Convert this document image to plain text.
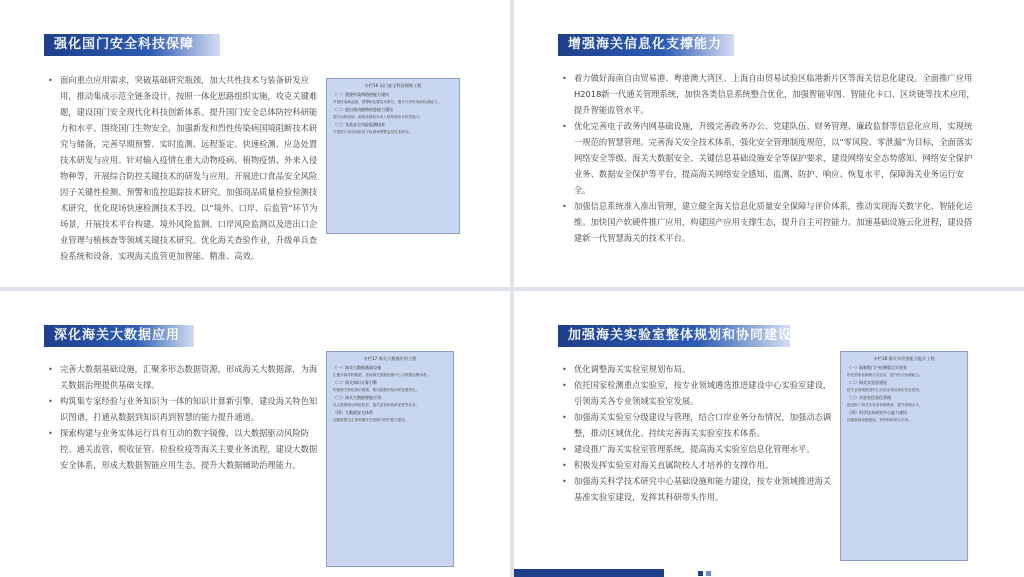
强化国门安全科技保障
• 面向重点应用需求，突破基础研究瓶颈，加大共性技术与装备研发应用，推动集成示范全链条设计，按照一体化思路组织实施，攻克关键难题，建设国门安全现代化科技创新体系。提升国门安全总体防控科研能力和水平。围绕国门生物安全，加强新发和烈性传染病国境阻断技术研究与储备，完善早期预警、实时监测、远程鉴定、快速检测、应急处置技术研发与应用。针对输入疫情在重大动物疫病、植物疫情、外来入侵物种等，开展综合防控关键技术的研发与应用。开展进口食品安全风险因子关键性检测、预警和监控追踪技术研究。加强商品质量检验检测技术研究，优化现场快速检测技术手段。以“境外、口岸、后监管”环节为场景，开展技术平台构建、境外风险监测、口岸风险监测以及进出口企业管理与植核查等领域关键技术研究。优化海关查验作业，升级单兵查验系统和设备，实现海关监管更加智能、精准、高效。
专栏16 国门安全科技保障工程
（一）重要传染病防控能力建设
开展传染病监测、预警和处置技术研究，提升口岸传染病检测能力。
（二）进出境动植物检疫能力建设
提升动物疫病、植物疫情和外来入侵物种综合防控能力。
（三）食品安全风险监测技术
开展进口食品风险因子检测和预警监控技术研究。
增强海关信息化支撑能力
• 着力做好海南自由贸易港、粤港澳大湾区、上海自由贸易试验区临港新片区等海关信息化建设。全面推广应用H2018新一代通关管理系统，加快各类信息系统整合优化，加强智能审图、智能化卡口、区块链等技术应用，提升智能监管水平。
• 优化完善电子政务内网基础设施，升级完善政务办公、党建队伍、财务管理、廉政监督等信息化应用，实现统一规范的智慧管理。完善海关安全技术体系，强化安全管理制度规范，以“零风险、零泄漏”为目标，全面落实网络安全等级、海关大数据安全、关键信息基础设施安全等保护要求，建设网络安全态势感知、网络安全保护业务、数据安全保护等平台，提高海关网络安全感知、监测、防护、响应、恢复水平，保障海关业务运行安全。
• 加强信息系统准入准出管理，建立健全海关信息化质量安全保障与评价体系，推动实现海关数字化、智能化运维。加快国产软硬件推广应用，构建国产应用支撑生态，提升自主可控能力。加速基础设施云化进程，建设搭建新一代智慧海关的技术平台。
深化海关大数据应用
• 完善大数据基础设施，汇聚多形态数据资源，形成海关大数据源，为海关数据治理提供基础支撑。
• 构筑集专家经验与业务知识为一体的知识计算新引擎，建设海关特色知识图谱，打通从数据到知识再到智慧的能力提升通道。
• 探索构建与业务实体运行具有互动的数字镜像，以大数据驱动风险防控、通关监管、税收征管、检验检疫等海关主要业务流程，建设大数据安全体系，形成大数据智能应用生态，提升大数据辅助治理能力。
专栏17 海关大数据应用工程
（一）海关大数据基础设施
汇聚多源异构数据，建设海关数据资源中心与数据治理体系。
（二）海关知识计算引擎
构建海关特色知识图谱，推动数据向知识和智慧转化。
（三）海关大数据智能应用
以大数据驱动风险防控、通关监管和税收征管等业务。
（四）大数据安全体系
加强数据全生命周期安全管理与防护能力建设。
加强海关实验室整体规划和协同建设
• 优化调整海关实验室规划布局。
• 依托国家检测重点实验室，按专业领域遴选推进建设中心实验室建设，引领海关各专业领域实验室发展。
• 加强海关实验室分级建设与管理，结合口岸业务分布情况，加强动态调整，推动区域优化、持续完善海关实验室技术体系。
• 建设推广海关实验室管理系统，提高海关实验室信息化管理水平。
• 积极发挥实验室对海关直属院校人才培养的支撑作用。
• 加强海关科学技术研究中心基础设施和能力建设，按专业领域推进海关基准实验室建设，发挥其科研带头作用。
专栏18 海关实验室能力提升工程
（一）国家级门户检测重点实验室
依托国家检测重点实验室，提升综合检测能力。
（二）海关实验室建设
按专业领域推进中心实验室和区域实验室建设。
（三）实验室信息化管理
建设推广海关实验室管理系统，提升管理水平。
（四）科学技术研究中心能力建设
加强基础设施建设，发挥科研带头作用。
